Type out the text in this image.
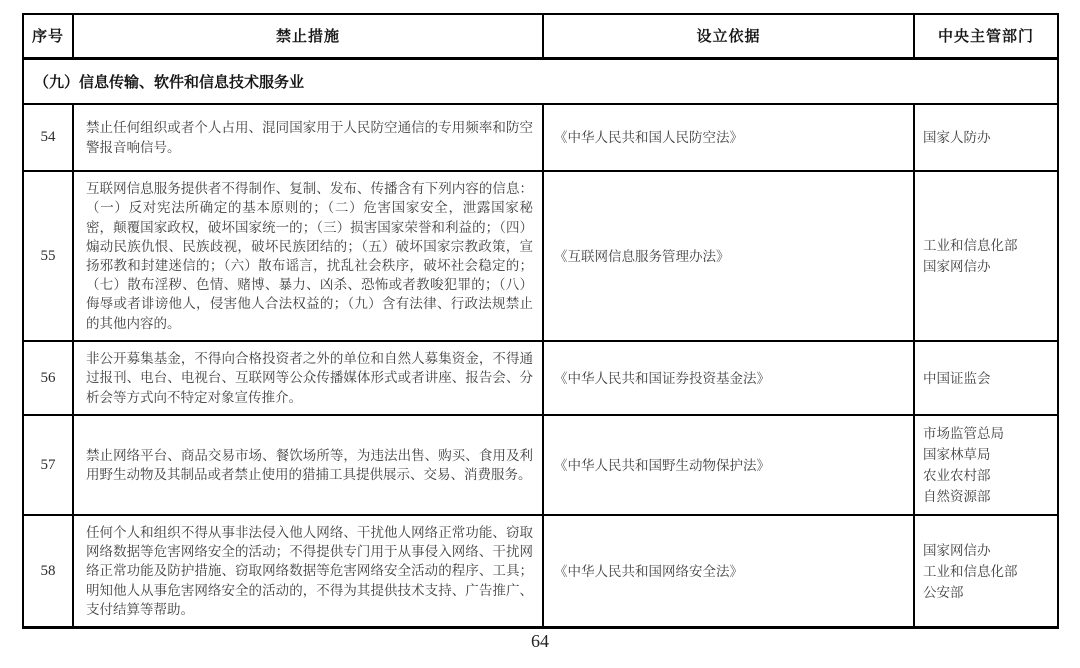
序号	禁止措施	设立依据	中央主管部门
（九）信息传输、软件和信息技术服务业			
54	禁止任何组织或者个人占用、混同国家用于人民防空通信的专用频率和防空警报音响信号。	《中华人民共和国人民防空法》	国家人防办

55	互联网信息服务提供者不得制作、复制、发布、传播含有下列内容的信息：（一）反对宪法所确定的基本原则的；（二）危害国家安全，泄露国家秘密，颠覆国家政权，破坏国家统一的；（三）损害国家荣誉和利益的；（四）煽动民族仇恨、民族歧视，破坏民族团结的；（五）破坏国家宗教政策，宣扬邪教和封建迷信的；（六）散布谣言，扰乱社会秩序，破坏社会稳定的；（七）散布淫秽、色情、赌博、暴力、凶杀、恐怖或者教唆犯罪的；（八）侮辱或者诽谤他人，侵害他人合法权益的；（九）含有法律、行政法规禁止的其他内容的。	《互联网信息服务管理办法》	工业和信息化部
国家网信办

56	非公开募集基金，不得向合格投资者之外的单位和自然人募集资金，不得通过报刊、电台、电视台、互联网等公众传播媒体形式或者讲座、报告会、分析会等方式向不特定对象宣传推介。	《中华人民共和国证券投资基金法》	中国证监会

57	禁止网络平台、商品交易市场、餐饮场所等，为违法出售、购买、食用及利用野生动物及其制品或者禁止使用的猎捕工具提供展示、交易、消费服务。	《中华人民共和国野生动物保护法》	市场监管总局
国家林草局
农业农村部
自然资源部

58	任何个人和组织不得从事非法侵入他人网络、干扰他人网络正常功能、窃取网络数据等危害网络安全的活动；不得提供专门用于从事侵入网络、干扰网络正常功能及防护措施、窃取网络数据等危害网络安全活动的程序、工具；明知他人从事危害网络安全的活动的，不得为其提供技术支持、广告推广、支付结算等帮助。	《中华人民共和国网络安全法》	国家网信办
工业和信息化部
公安部
64
